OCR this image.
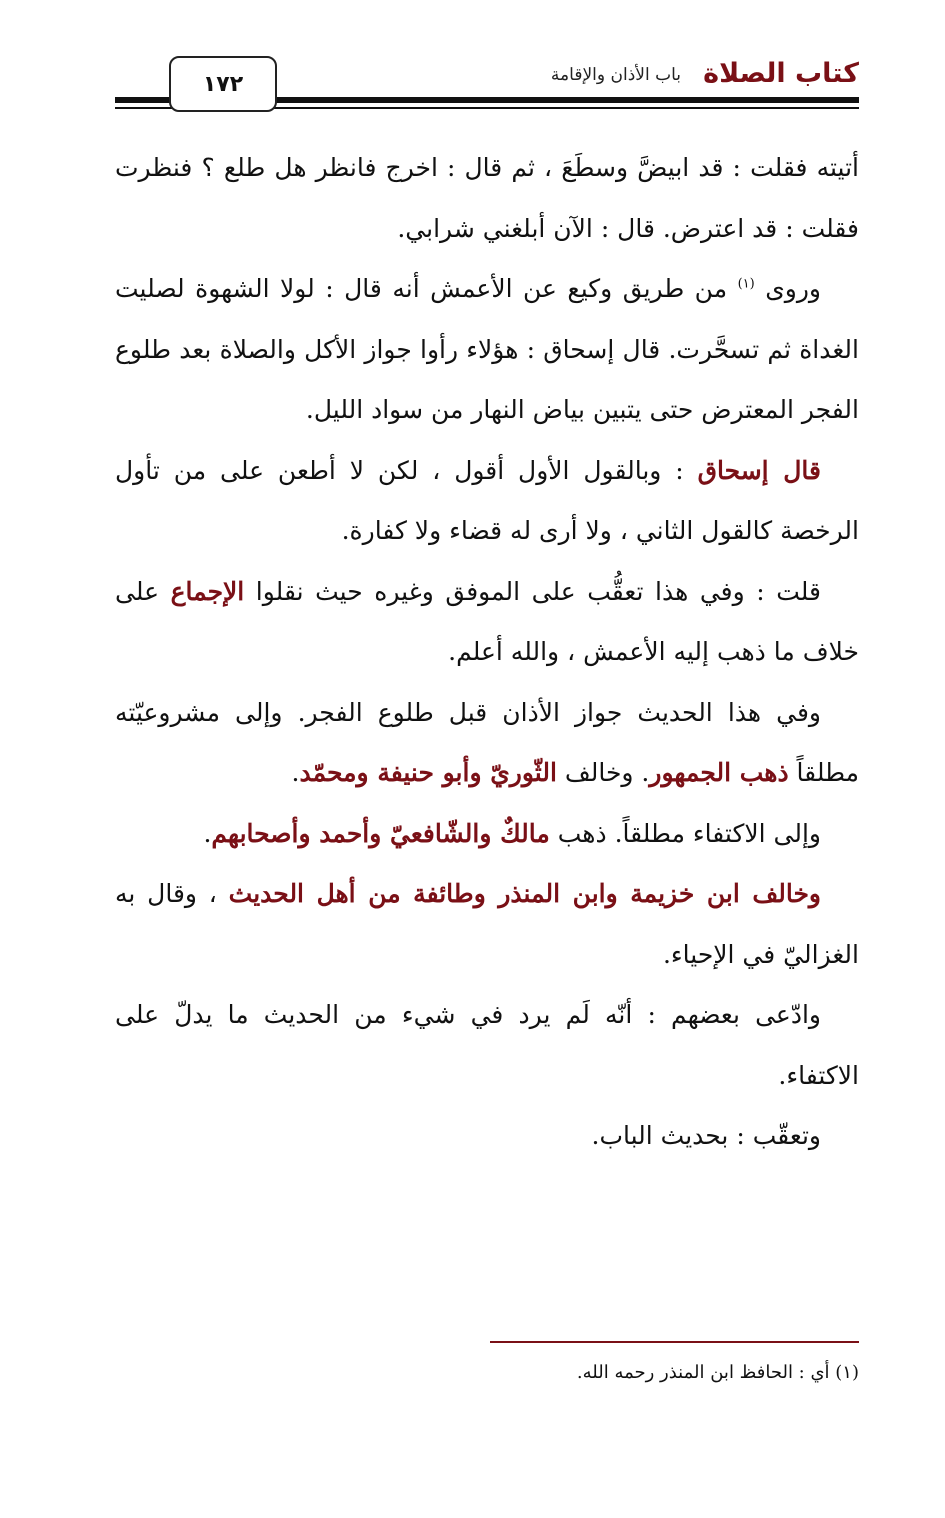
كتاب الصلاة
باب الأذان والإقامة
١٧٢

أتيته فقلت : قد ابيضَّ وسطَعَ ، ثم قال : اخرج فانظر هل طلع ؟ فنظرت فقلت : قد اعترض. قال : الآن أبلغني شرابي.

وروى $^{(١)}$ من طريق وكيع عن الأعمش أنه قال : لولا الشهوة لصليت الغداة ثم تسحَّرت. قال إسحاق : هؤلاء رأوا جواز الأكل والصلاة بعد طلوع الفجر المعترض حتى يتبين بياض النهار من سواد الليل.

قال إسحاق : وبالقول الأول أقول ، لكن لا أطعن على من تأول الرخصة كالقول الثاني ، ولا أرى له قضاء ولا كفارة.

قلت : وفي هذا تعقُّب على الموفق وغيره حيث نقلوا الإجماع على خلاف ما ذهب إليه الأعمش ، والله أعلم.

وفي هذا الحديث جواز الأذان قبل طلوع الفجر. وإلى مشروعيّته مطلقاً ذهب الجمهور. وخالف الثّوريّ وأبو حنيفة ومحمّد.

وإلى الاكتفاء مطلقاً. ذهب مالكٌ والشّافعيّ وأحمد وأصحابهم.

وخالف ابن خزيمة وابن المنذر وطائفة من أهل الحديث ، وقال به الغزاليّ في الإحياء.

وادّعى بعضهم : أنّه لَم يرد في شيء من الحديث ما يدلّ على الاكتفاء.

وتعقّب : بحديث الباب.

(١) أي : الحافظ ابن المنذر رحمه الله.
